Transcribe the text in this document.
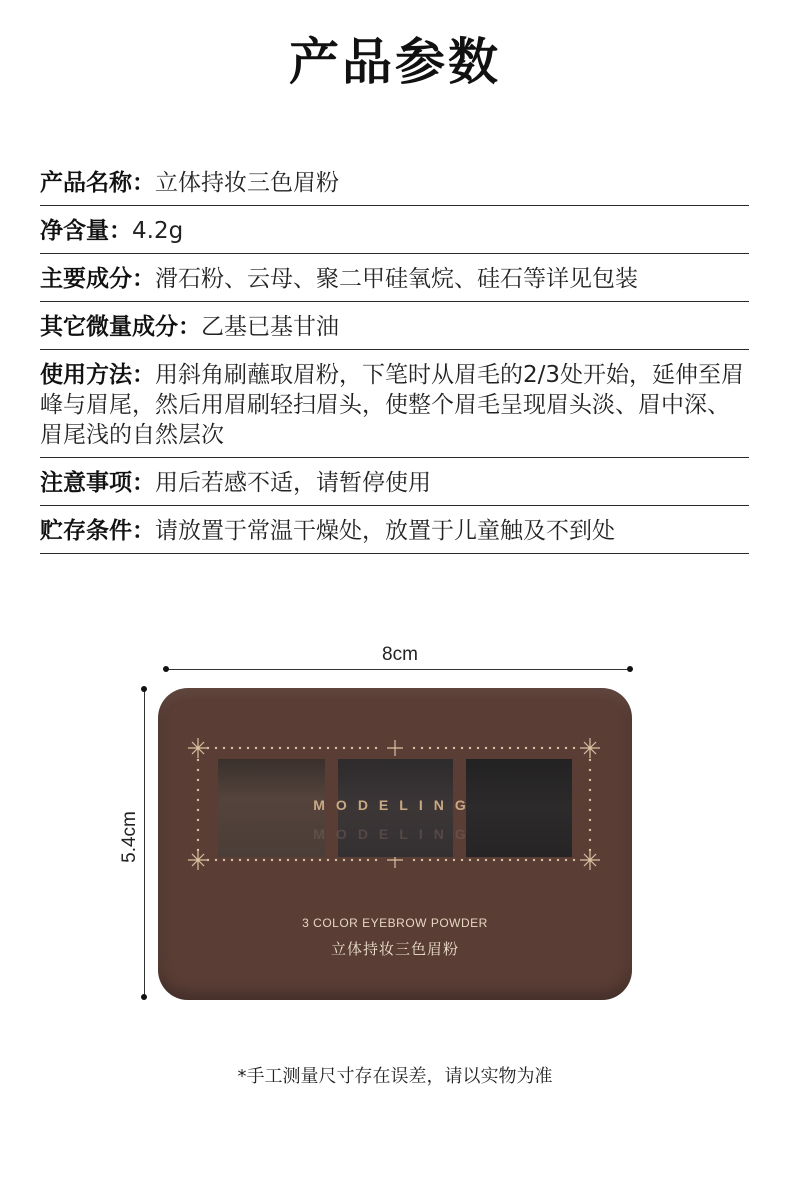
产品参数
产品名称：立体持妆三色眉粉
净含量：4.2g
主要成分：滑石粉、云母、聚二甲硅氧烷、硅石等详见包装
其它微量成分：乙基已基甘油
使用方法：用斜角刷蘸取眉粉，下笔时从眉毛的2/3处开始，延伸至眉峰与眉尾，然后用眉刷轻扫眉头，使整个眉毛呈现眉头淡、眉中深、眉尾浅的自然层次
注意事项：用后若感不适，请暂停使用
贮存条件：请放置于常温干燥处，放置于儿童触及不到处
8cm
5.4cm
MODELING
MODELING
3 COLOR EYEBROW POWDER
立体持妆三色眉粉
*手工测量尺寸存在误差，请以实物为准
